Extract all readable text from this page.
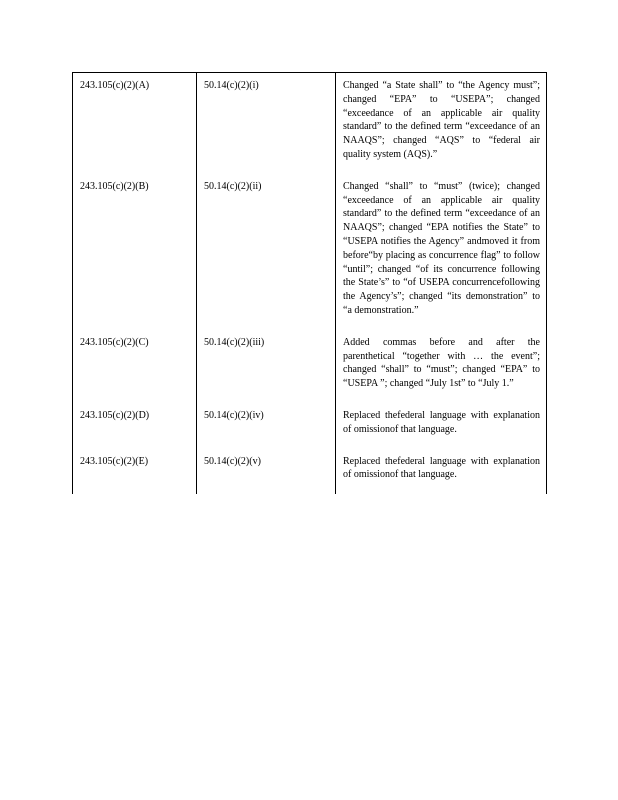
243.105(c)(2)(A)	50.14(c)(2)(i)	Changed “a State shall” to “the Agency must”; changed “EPA” to “USEPA”; changed “exceedance of an applicable air quality standard” to the defined term “exceedance of an NAAQS”; changed “AQS” to “federal air quality system (AQS).”
243.105(c)(2)(B)	50.14(c)(2)(ii)	Changed “shall” to “must” (twice); changed “exceedance of an applicable air quality standard” to the defined term “exceedance of an NAAQS”; changed “EPA notifies the State” to “USEPA notifies the Agency” andmoved it from before“by placing as concurrence flag” to follow “until”; changed “of its concurrence following the State’s” to “of USEPA concurrencefollowing the Agency’s”; changed “its demonstration” to “a demonstration.”
243.105(c)(2)(C)	50.14(c)(2)(iii)	Added commas before and after the parenthetical “together with … the event”; changed “shall” to “must”; changed “EPA” to “USEPA ”; changed “July 1st” to “July 1.”
243.105(c)(2)(D)	50.14(c)(2)(iv)	Replaced thefederal language with explanation of omissionof that language.
243.105(c)(2)(E)	50.14(c)(2)(v)	Replaced thefederal language with explanation of omissionof that language.
